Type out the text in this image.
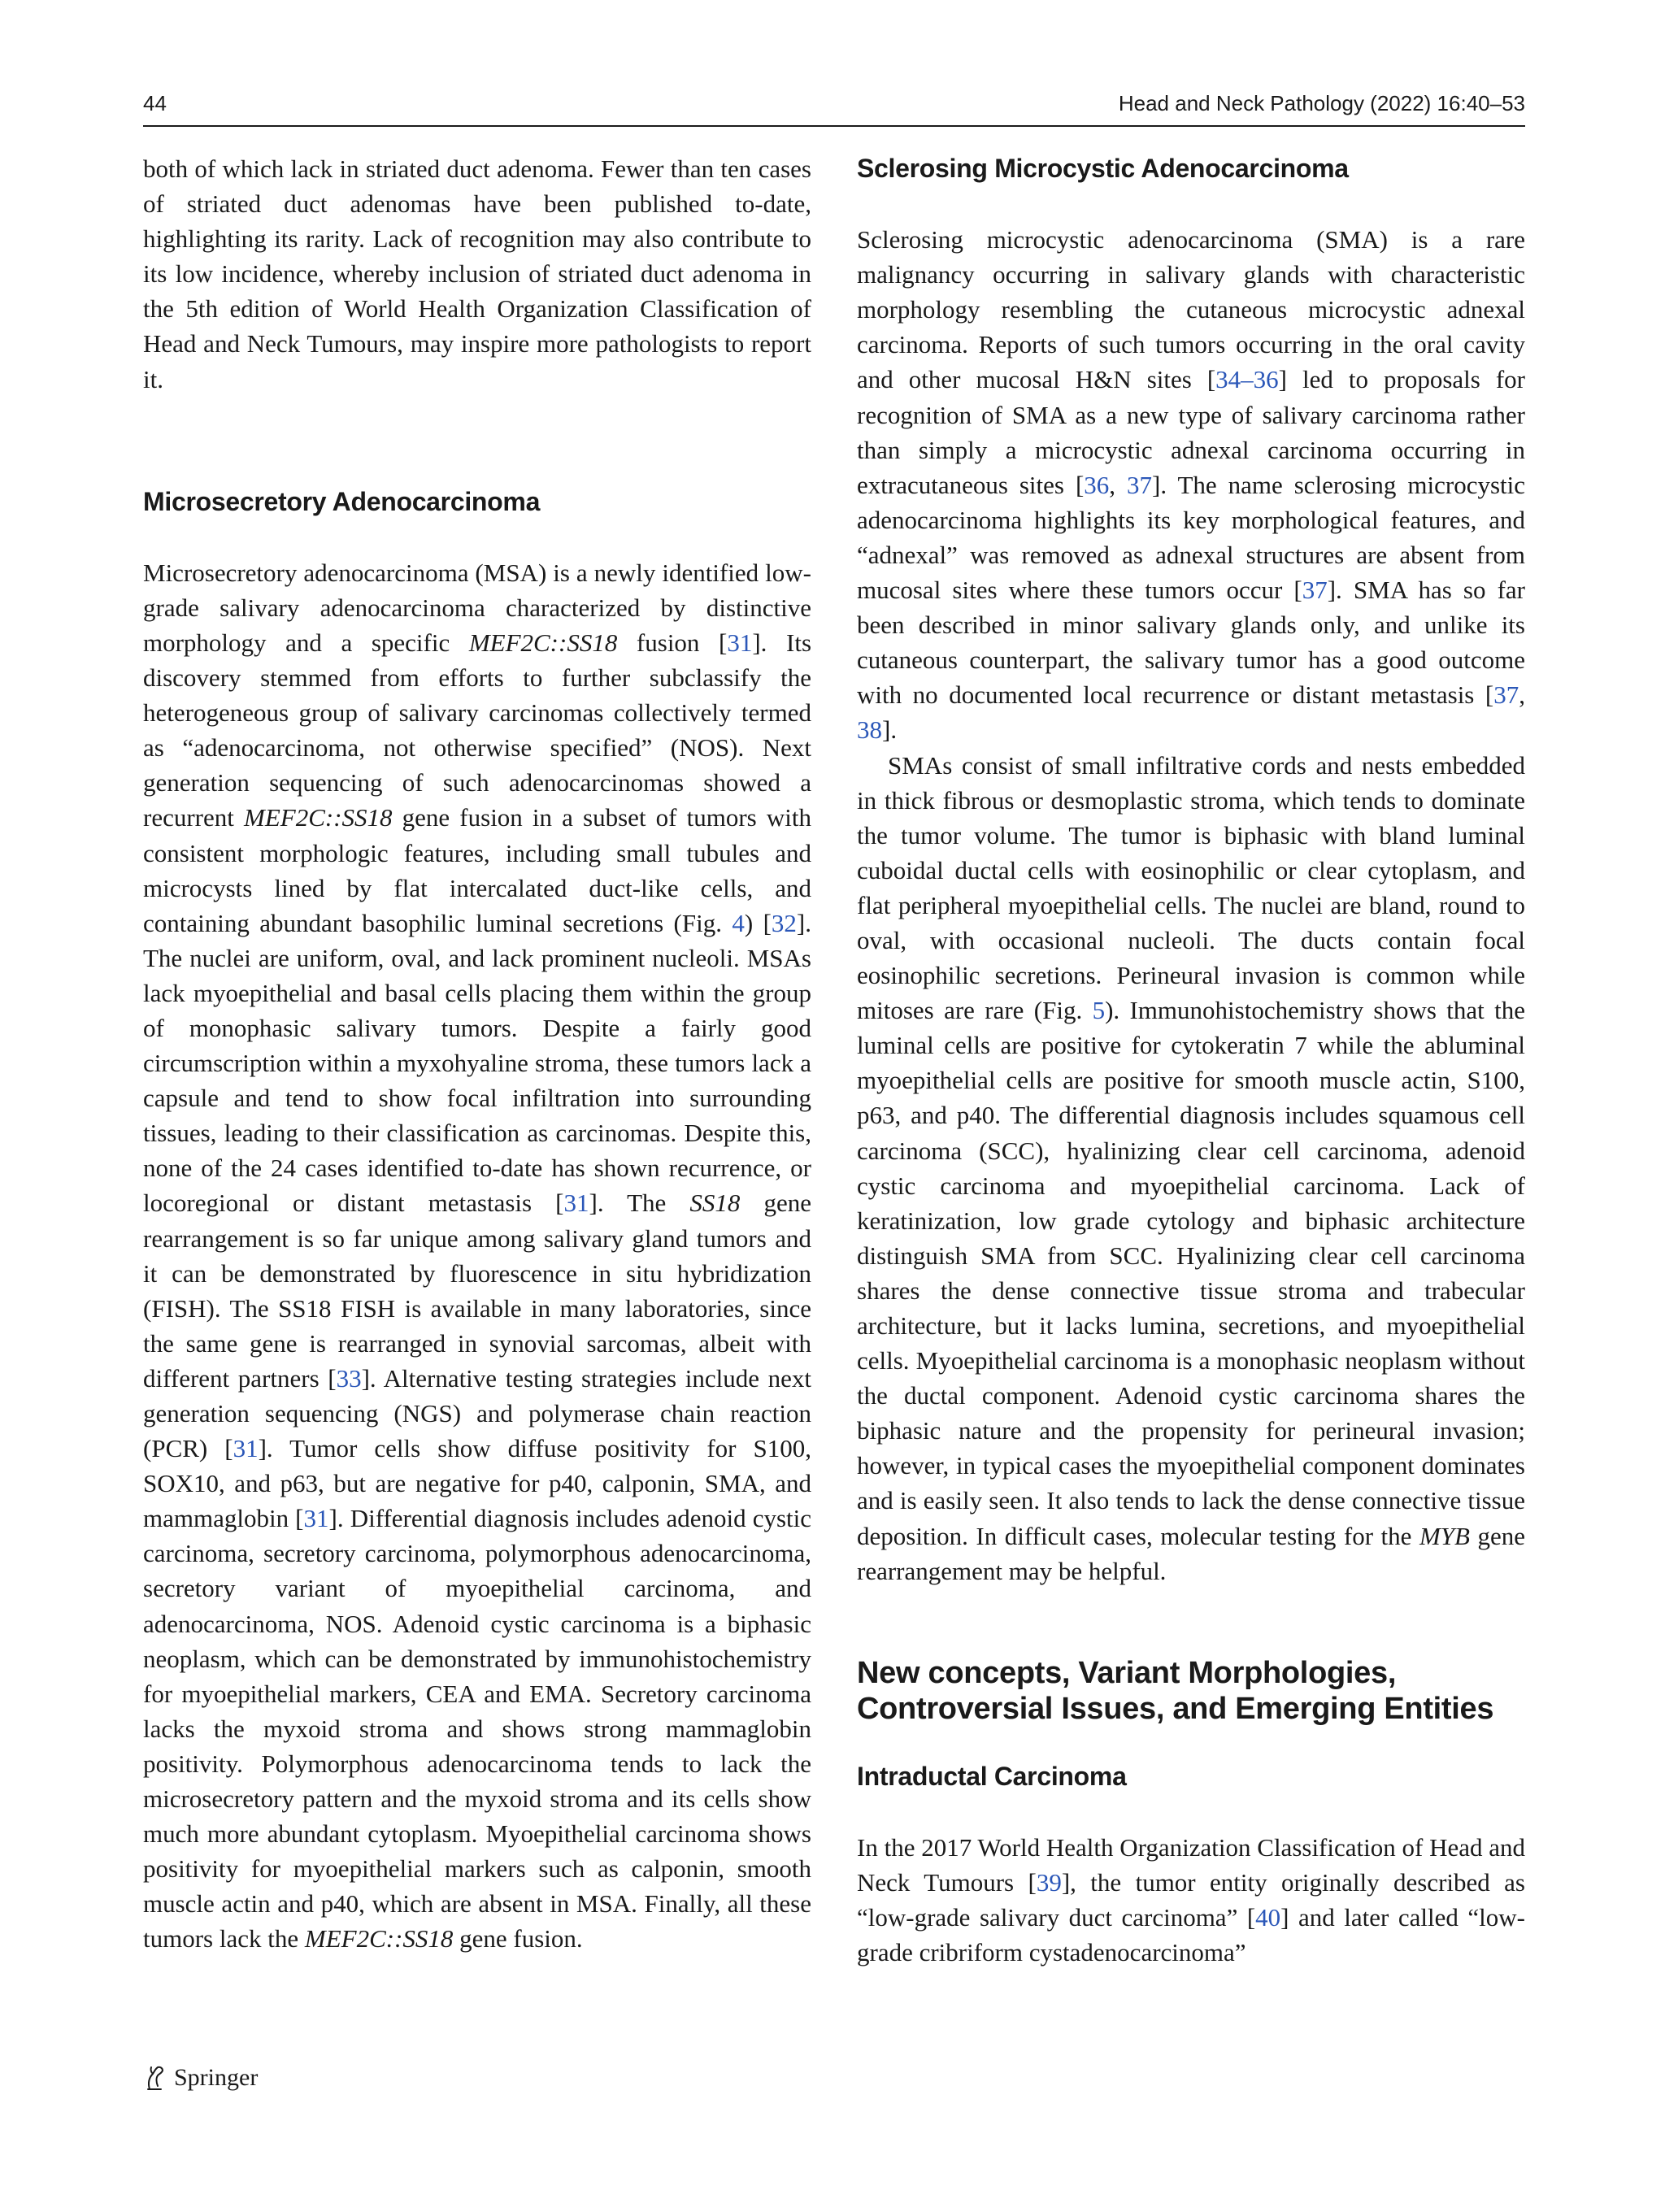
44	Head and Neck Pathology (2022) 16:40–53

both of which lack in striated duct adenoma. Fewer than ten cases of striated duct adenomas have been published to-date, highlighting its rarity. Lack of recognition may also contribute to its low incidence, whereby inclusion of striated duct adenoma in the 5th edition of World Health Organization Classification of Head and Neck Tumours, may inspire more pathologists to report it.

Microsecretory Adenocarcinoma

Microsecretory adenocarcinoma (MSA) is a newly identified low-grade salivary adenocarcinoma characterized by distinctive morphology and a specific MEF2C::SS18 fusion [31]. Its discovery stemmed from efforts to further subclassify the heterogeneous group of salivary carcinomas collectively termed as “adenocarcinoma, not otherwise specified” (NOS). Next generation sequencing of such adenocarcinomas showed a recurrent MEF2C::SS18 gene fusion in a subset of tumors with consistent morphologic features, including small tubules and microcysts lined by flat intercalated duct-like cells, and containing abundant basophilic luminal secretions (Fig. 4) [32]. The nuclei are uniform, oval, and lack prominent nucleoli. MSAs lack myoepithelial and basal cells placing them within the group of monophasic salivary tumors. Despite a fairly good circumscription within a myxohyaline stroma, these tumors lack a capsule and tend to show focal infiltration into surrounding tissues, leading to their classification as carcinomas. Despite this, none of the 24 cases identified to-date has shown recurrence, or locoregional or distant metastasis [31]. The SS18 gene rearrangement is so far unique among salivary gland tumors and it can be demonstrated by fluorescence in situ hybridization (FISH). The SS18 FISH is available in many laboratories, since the same gene is rearranged in synovial sarcomas, albeit with different partners [33]. Alternative testing strategies include next generation sequencing (NGS) and polymerase chain reaction (PCR) [31]. Tumor cells show diffuse positivity for S100, SOX10, and p63, but are negative for p40, calponin, SMA, and mammaglobin [31]. Differential diagnosis includes adenoid cystic carcinoma, secretory carcinoma, polymorphous adenocarcinoma, secretory variant of myoepithelial carcinoma, and adenocarcinoma, NOS. Adenoid cystic carcinoma is a biphasic neoplasm, which can be demonstrated by immunohistochemistry for myoepithelial markers, CEA and EMA. Secretory carcinoma lacks the myxoid stroma and shows strong mammaglobin positivity. Polymorphous adenocarcinoma tends to lack the microsecretory pattern and the myxoid stroma and its cells show much more abundant cytoplasm. Myoepithelial carcinoma shows positivity for myoepithelial markers such as calponin, smooth muscle actin and p40, which are absent in MSA. Finally, all these tumors lack the MEF2C::SS18 gene fusion.

Sclerosing Microcystic Adenocarcinoma

Sclerosing microcystic adenocarcinoma (SMA) is a rare malignancy occurring in salivary glands with characteristic morphology resembling the cutaneous microcystic adnexal carcinoma. Reports of such tumors occurring in the oral cavity and other mucosal H&N sites [34–36] led to proposals for recognition of SMA as a new type of salivary carcinoma rather than simply a microcystic adnexal carcinoma occurring in extracutaneous sites [36, 37]. The name sclerosing microcystic adenocarcinoma highlights its key morphological features, and “adnexal” was removed as adnexal structures are absent from mucosal sites where these tumors occur [37]. SMA has so far been described in minor salivary glands only, and unlike its cutaneous counterpart, the salivary tumor has a good outcome with no documented local recurrence or distant metastasis [37, 38].

SMAs consist of small infiltrative cords and nests embedded in thick fibrous or desmoplastic stroma, which tends to dominate the tumor volume. The tumor is biphasic with bland luminal cuboidal ductal cells with eosinophilic or clear cytoplasm, and flat peripheral myoepithelial cells. The nuclei are bland, round to oval, with occasional nucleoli. The ducts contain focal eosinophilic secretions. Perineural invasion is common while mitoses are rare (Fig. 5). Immunohistochemistry shows that the luminal cells are positive for cytokeratin 7 while the abluminal myoepithelial cells are positive for smooth muscle actin, S100, p63, and p40. The differential diagnosis includes squamous cell carcinoma (SCC), hyalinizing clear cell carcinoma, adenoid cystic carcinoma and myoepithelial carcinoma. Lack of keratinization, low grade cytology and biphasic architecture distinguish SMA from SCC. Hyalinizing clear cell carcinoma shares the dense connective tissue stroma and trabecular architecture, but it lacks lumina, secretions, and myoepithelial cells. Myoepithelial carcinoma is a monophasic neoplasm without the ductal component. Adenoid cystic carcinoma shares the biphasic nature and the propensity for perineural invasion; however, in typical cases the myoepithelial component dominates and is easily seen. It also tends to lack the dense connective tissue deposition. In difficult cases, molecular testing for the MYB gene rearrangement may be helpful.

New concepts, Variant Morphologies,
Controversial Issues, and Emerging Entities
Intraductal Carcinoma

In the 2017 World Health Organization Classification of Head and Neck Tumours [39], the tumor entity originally described as “low-grade salivary duct carcinoma” [40] and later called “low-grade cribriform cystadenocarcinoma”

Springer
